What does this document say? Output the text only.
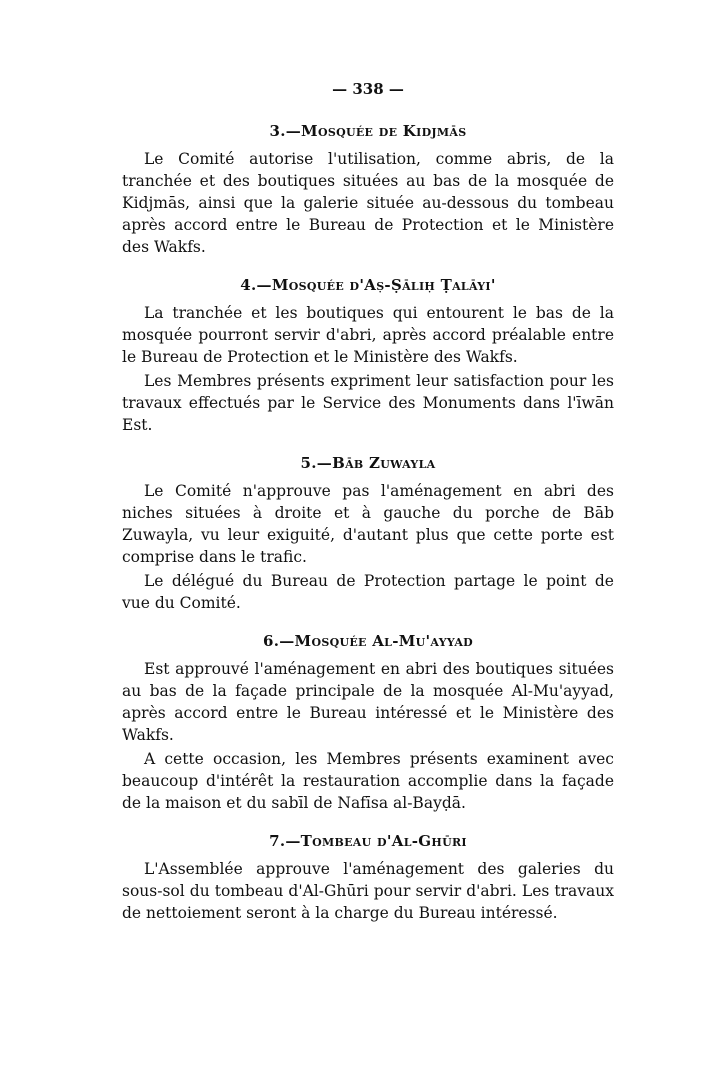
— 338 —
3.—Mosquée de Kidjmās

Le Comité autorise l'utilisation, comme abris, de la tranchée et des boutiques situées au bas de la mosquée de Kidjmās, ainsi que la galerie située au-dessous du tombeau après accord entre le Bureau de Protection et le Ministère des Wakfs.

4.—Mosquée d'Aṣ-Ṣāliḥ Ṭalāyi'

La tranchée et les boutiques qui entourent le bas de la mosquée pourront servir d'abri, après accord préalable entre le Bureau de Protection et le Ministère des Wakfs.

Les Membres présents expriment leur satisfaction pour les travaux effectués par le Service des Monuments dans l'īwān Est.

5.—Bāb Zuwayla

Le Comité n'approuve pas l'aménagement en abri des niches situées à droite et à gauche du porche de Bāb Zuwayla, vu leur exiguité, d'autant plus que cette porte est comprise dans le trafic.

Le délégué du Bureau de Protection partage le point de vue du Comité.

6.—Mosquée Al-Mu'ayyad

Est approuvé l'aménagement en abri des boutiques situées au bas de la façade principale de la mosquée Al-Mu'ayyad, après accord entre le Bureau intéressé et le Ministère des Wakfs.

A cette occasion, les Membres présents examinent avec beaucoup d'intérêt la restauration accomplie dans la façade de la maison et du sabīl de Nafīsa al-Bayḍā.

7.—Tombeau d'Al-Ghūri

L'Assemblée approuve l'aménagement des galeries du sous-sol du tombeau d'Al-Ghūri pour servir d'abri. Les travaux de nettoiement seront à la charge du Bureau intéressé.
